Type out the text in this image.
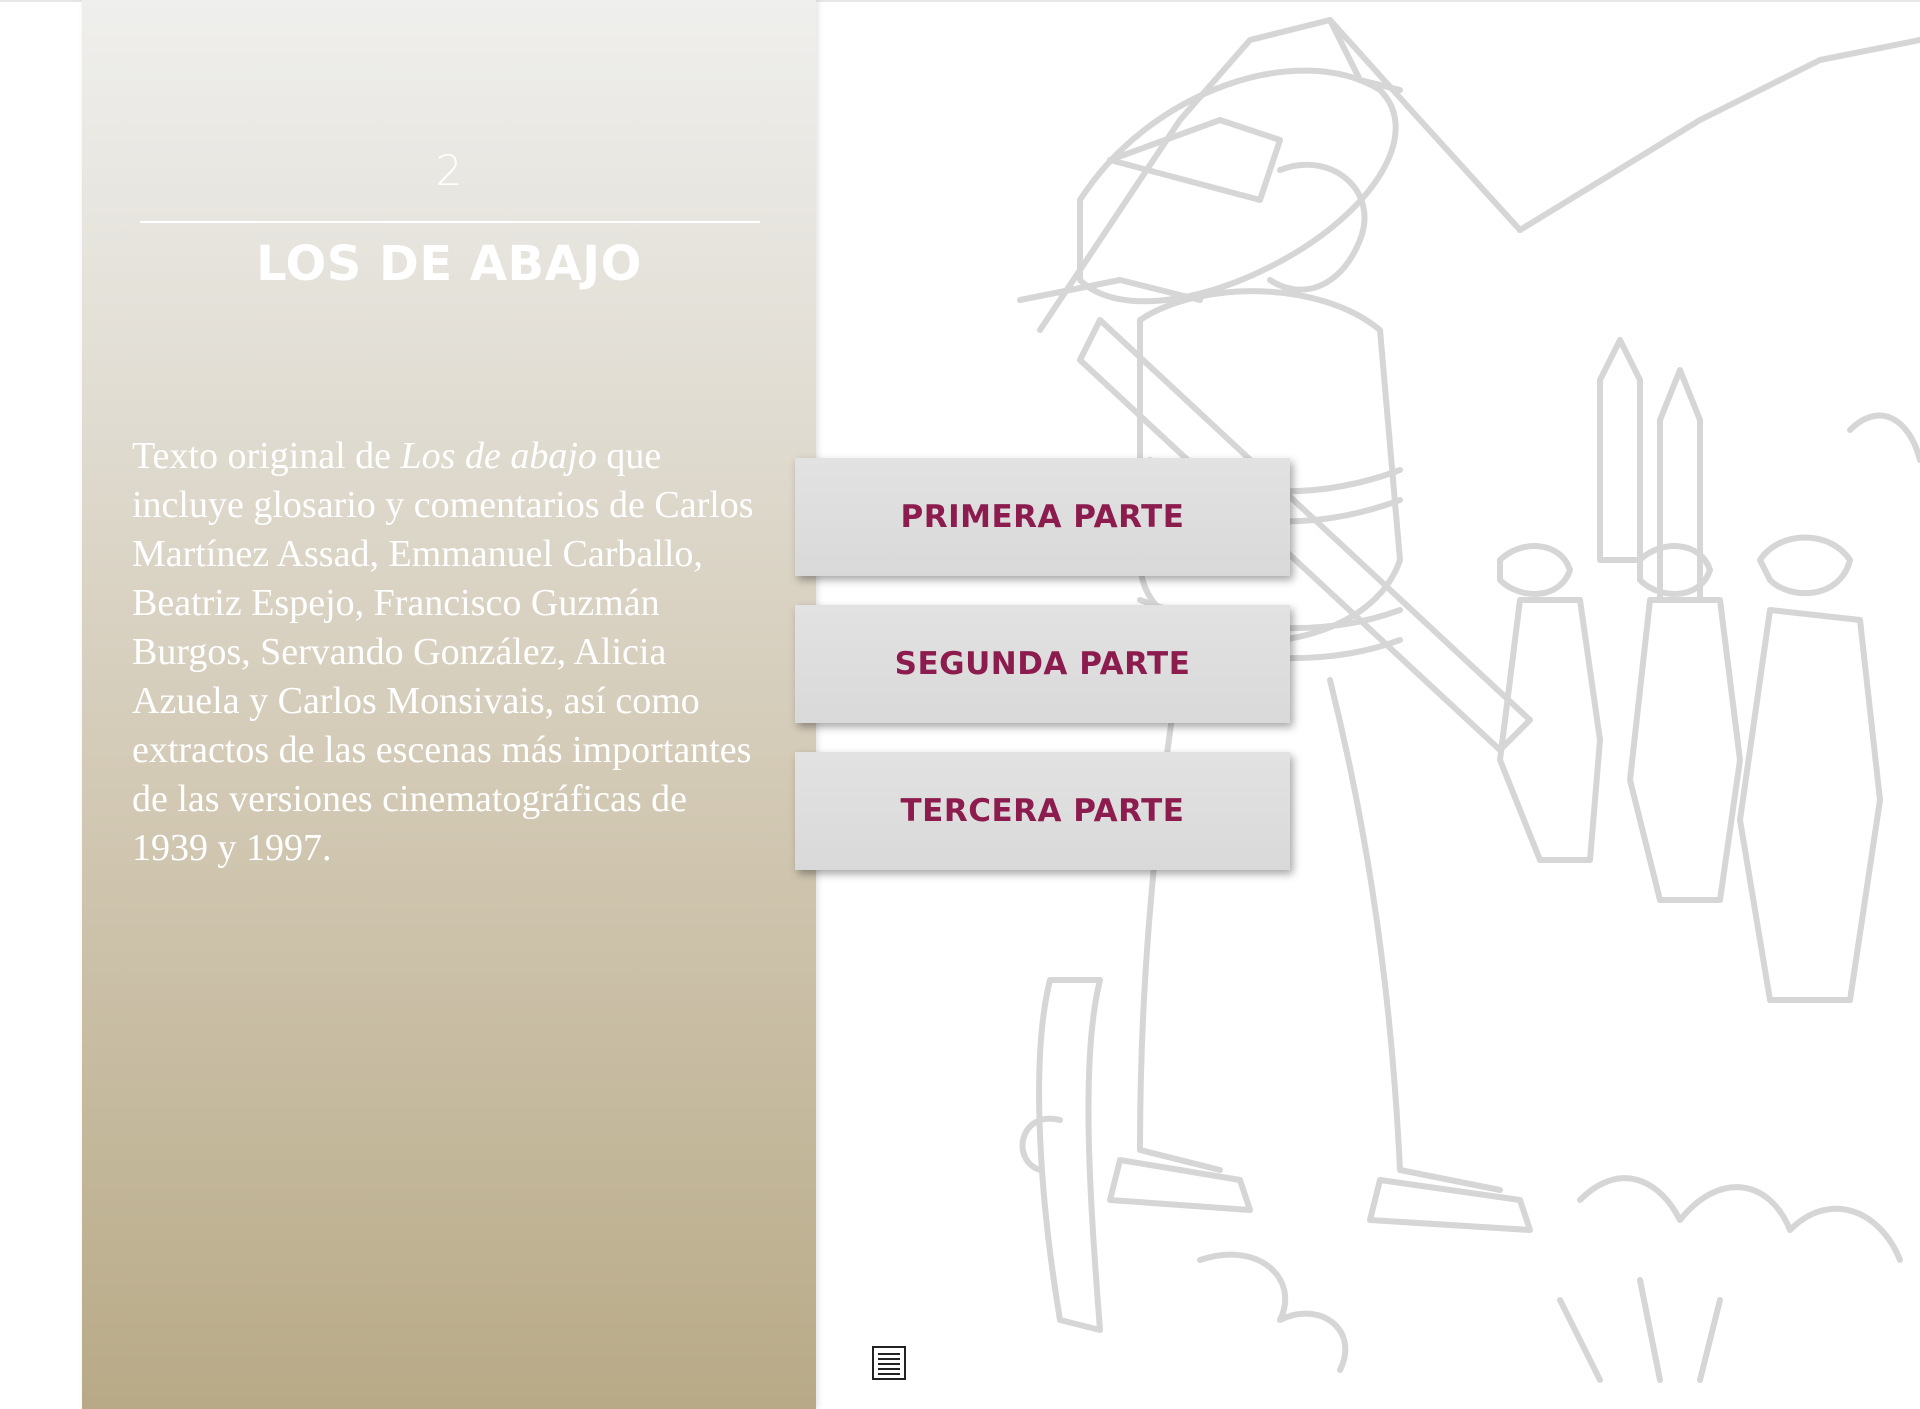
2
LOS DE ABAJO
Texto original de Los de abajo que incluye glosario y comentarios de Carlos Martínez Assad, Emmanuel Carballo, Beatriz Espejo, Francisco Guzmán Burgos, Servando González, Alicia Azuela y Carlos Monsivais, así como extractos de las escenas más importantes de las versiones cinematográficas de 1939 y 1997.
PRIMERA PARTE
SEGUNDA PARTE
TERCERA PARTE
